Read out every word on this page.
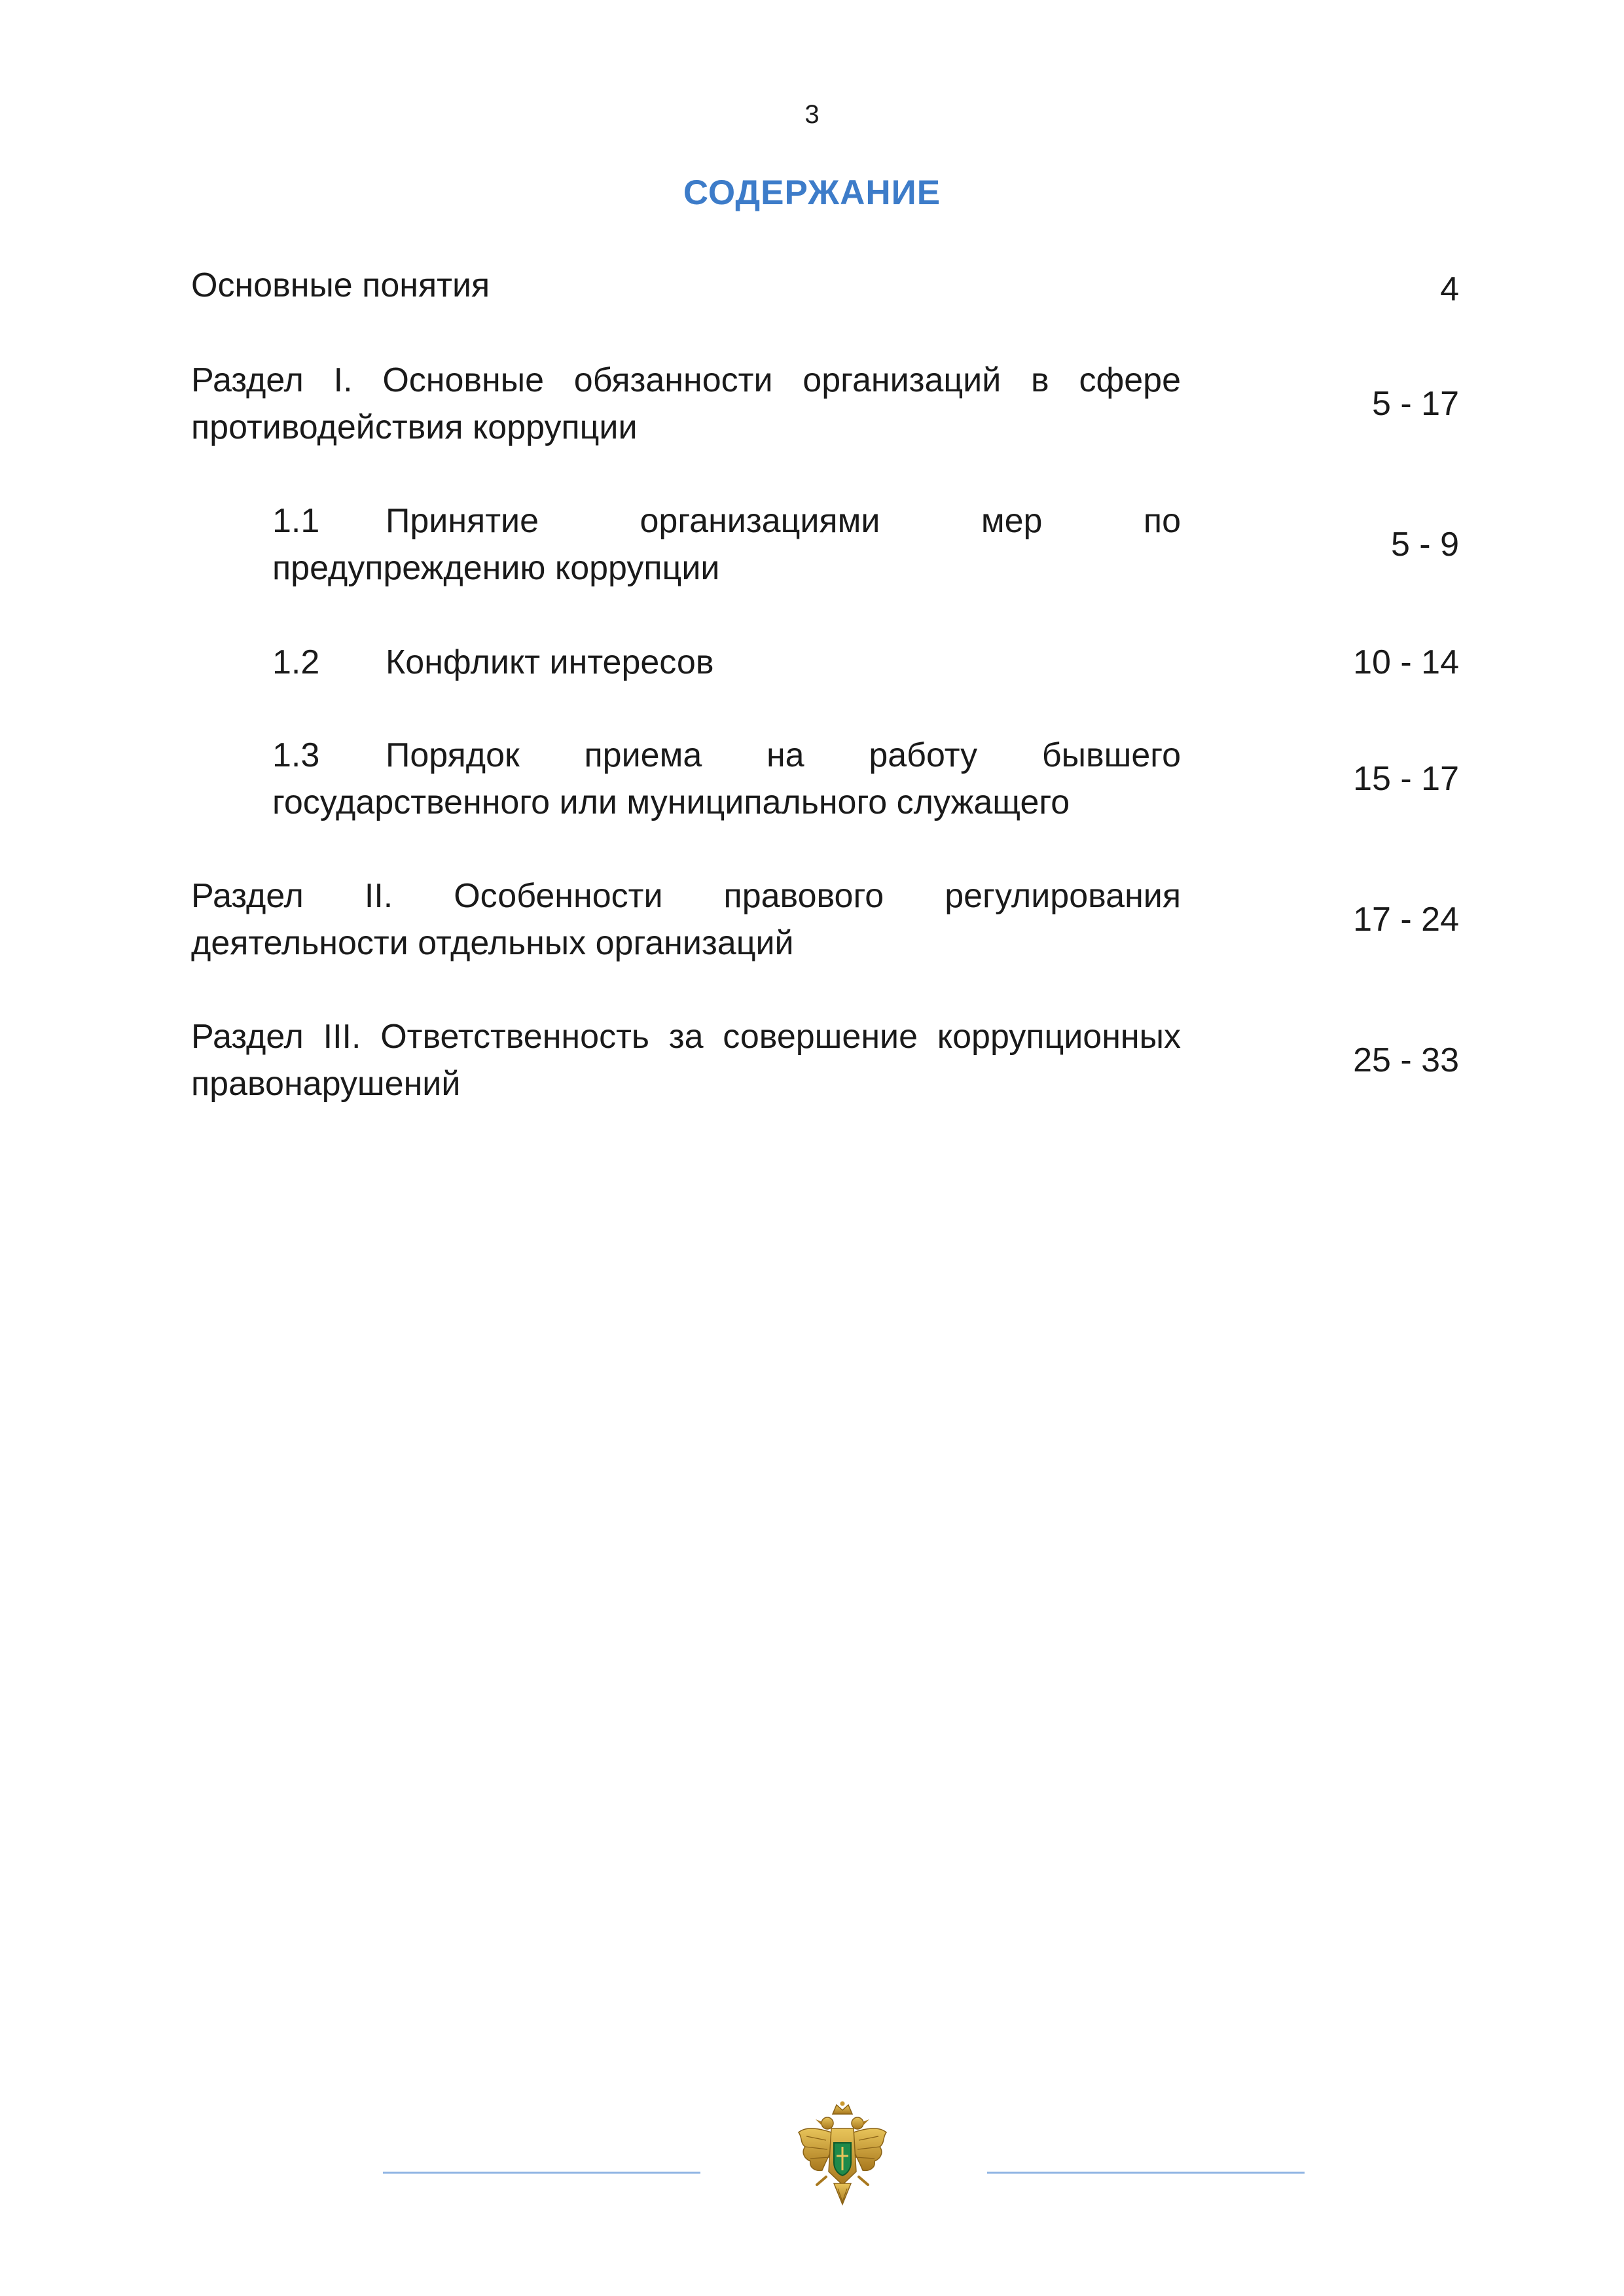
3
СОДЕРЖАНИЕ
Основные понятия	4
Раздел I. Основные обязанности организаций в сфере противодействия коррупции
5 - 17
1.1 Принятие организациями мер по предупреждению коррупции
5 - 9
1.2 Конфликт интересов	10 - 14
1.3 Порядок приема на работу бывшего государственного или муниципального служащего
15 - 17
Раздел II. Особенности правового регулирования деятельности отдельных организаций
17 - 24
Раздел III. Ответственность за совершение коррупционных правонарушений
25 - 33
